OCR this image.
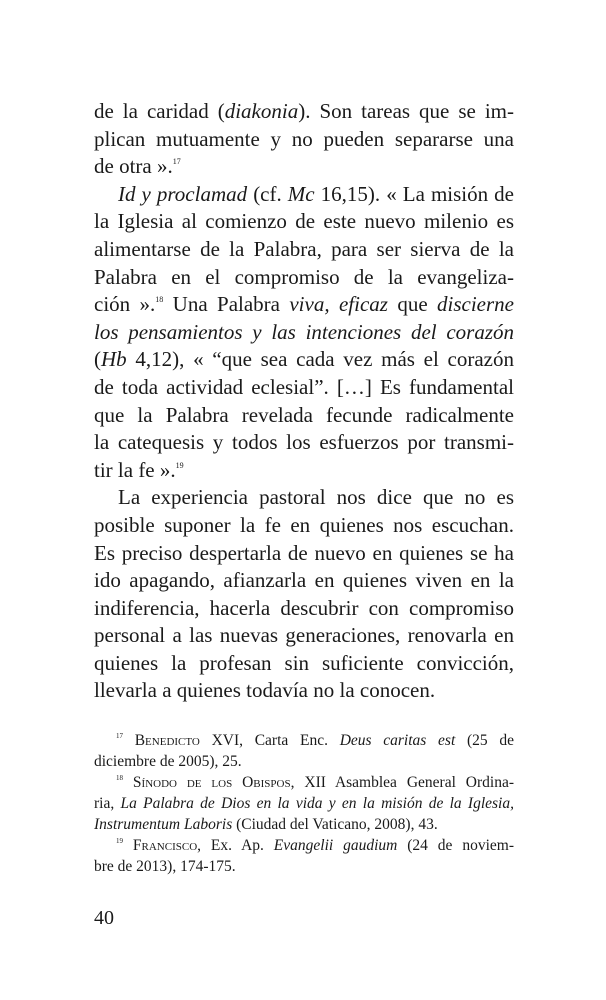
de la caridad (diakonia). Son tareas que se im-
plican mutuamente y no pueden separarse una
de otra ».$^{17}$
Id y proclamad (cf. Mc 16,15). « La misión de
la Iglesia al comienzo de este nuevo milenio es
alimentarse de la Palabra, para ser sierva de la
Palabra en el compromiso de la evangeliza-
ción ».$^{18}$ Una Palabra viva, eficaz que discierne
los pensamientos y las intenciones del corazón
(Hb 4,12), « “que sea cada vez más el corazón
de toda actividad eclesial”. […] Es fundamental
que la Palabra revelada fecunde radicalmente
la catequesis y todos los esfuerzos por transmi-
tir la fe ».$^{19}$
La experiencia pastoral nos dice que no es
posible suponer la fe en quienes nos escuchan.
Es preciso despertarla de nuevo en quienes se ha
ido apagando, afianzarla en quienes viven en la
indiferencia, hacerla descubrir con compromiso
personal a las nuevas generaciones, renovarla en
quienes la profesan sin suficiente convicción,
llevarla a quienes todavía no la conocen.
$^{17}$ Benedicto XVI, Carta Enc. Deus caritas est (25 de
diciembre de 2005), 25.
$^{18}$ Sínodo de los Obispos, XII Asamblea General Ordina-
ria, La Palabra de Dios en la vida y en la misión de la Iglesia,
Instrumentum Laboris (Ciudad del Vaticano, 2008), 43.
$^{19}$ Francisco, Ex. Ap. Evangelii gaudium (24 de noviem-
bre de 2013), 174-175.
40
